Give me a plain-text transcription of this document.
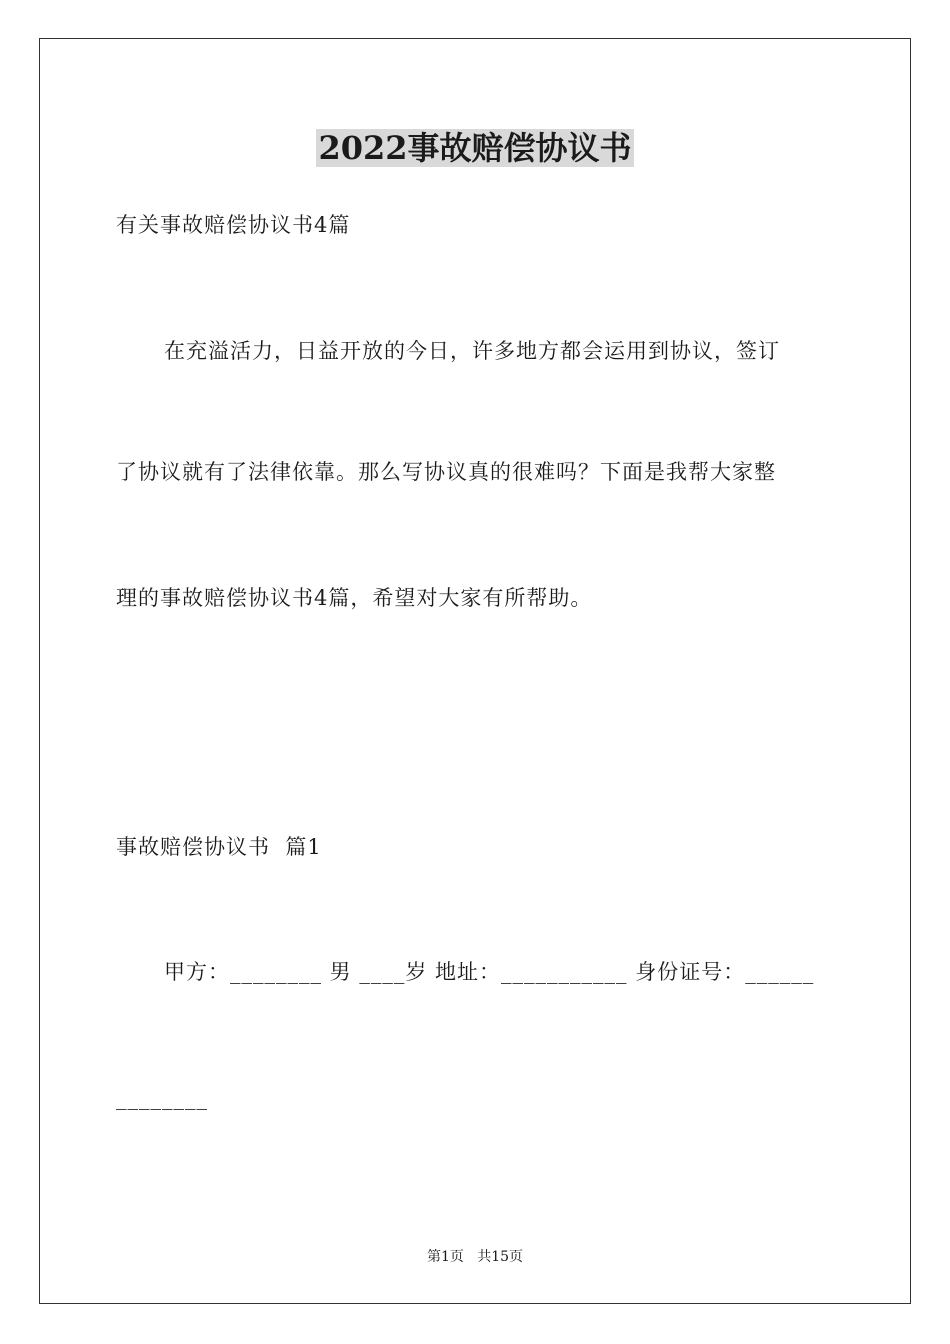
2022事故赔偿协议书
有关事故赔偿协议书4篇
在充溢活力，日益开放的今日，许多地方都会运用到协议，签订
了协议就有了法律依靠。那么写协议真的很难吗？下面是我帮大家整
理的事故赔偿协议书4篇，希望对大家有所帮助。
事故赔偿协议书  篇1
甲方：________ 男 ____岁 地址：___________ 身份证号：______
________
第1页   共15页
